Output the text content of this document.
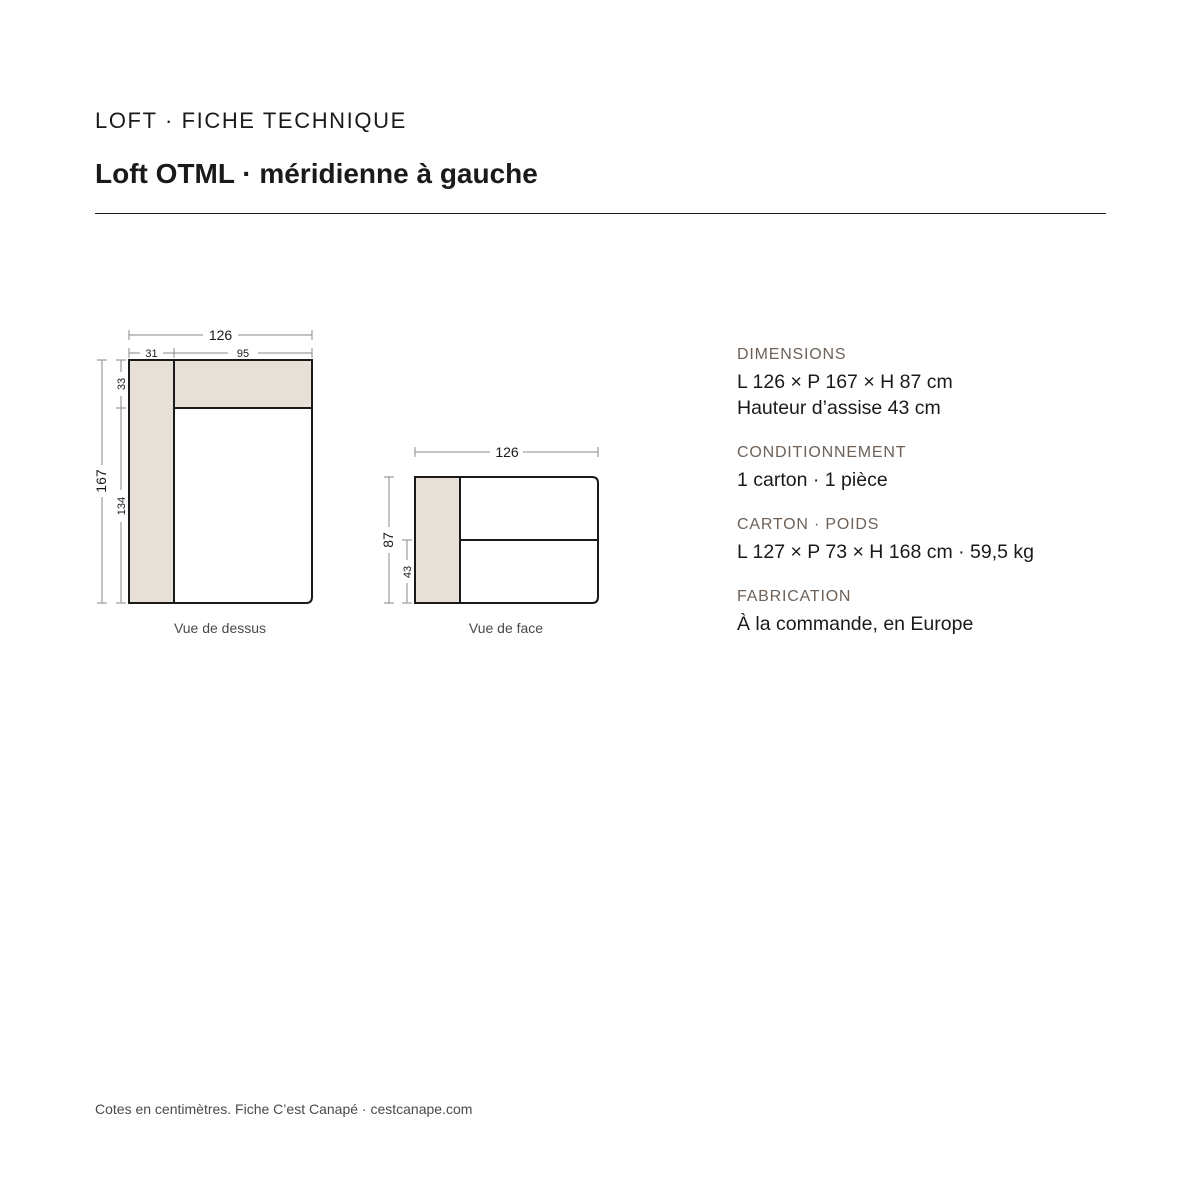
LOFT · FICHE TECHNIQUE
Loft OTML · méridienne à gauche
126
31	95
167
33
134
Vue de dessus
126
87
43
Vue de face
DIMENSIONS
L 126 × P 167 × H 87 cm
Hauteur d’assise 43 cm
CONDITIONNEMENT
1 carton · 1 pièce
CARTON · POIDS
L 127 × P 73 × H 168 cm · 59,5 kg
FABRICATION
À la commande, en Europe
Cotes en centimètres. Fiche C’est Canapé · cestcanape.com
